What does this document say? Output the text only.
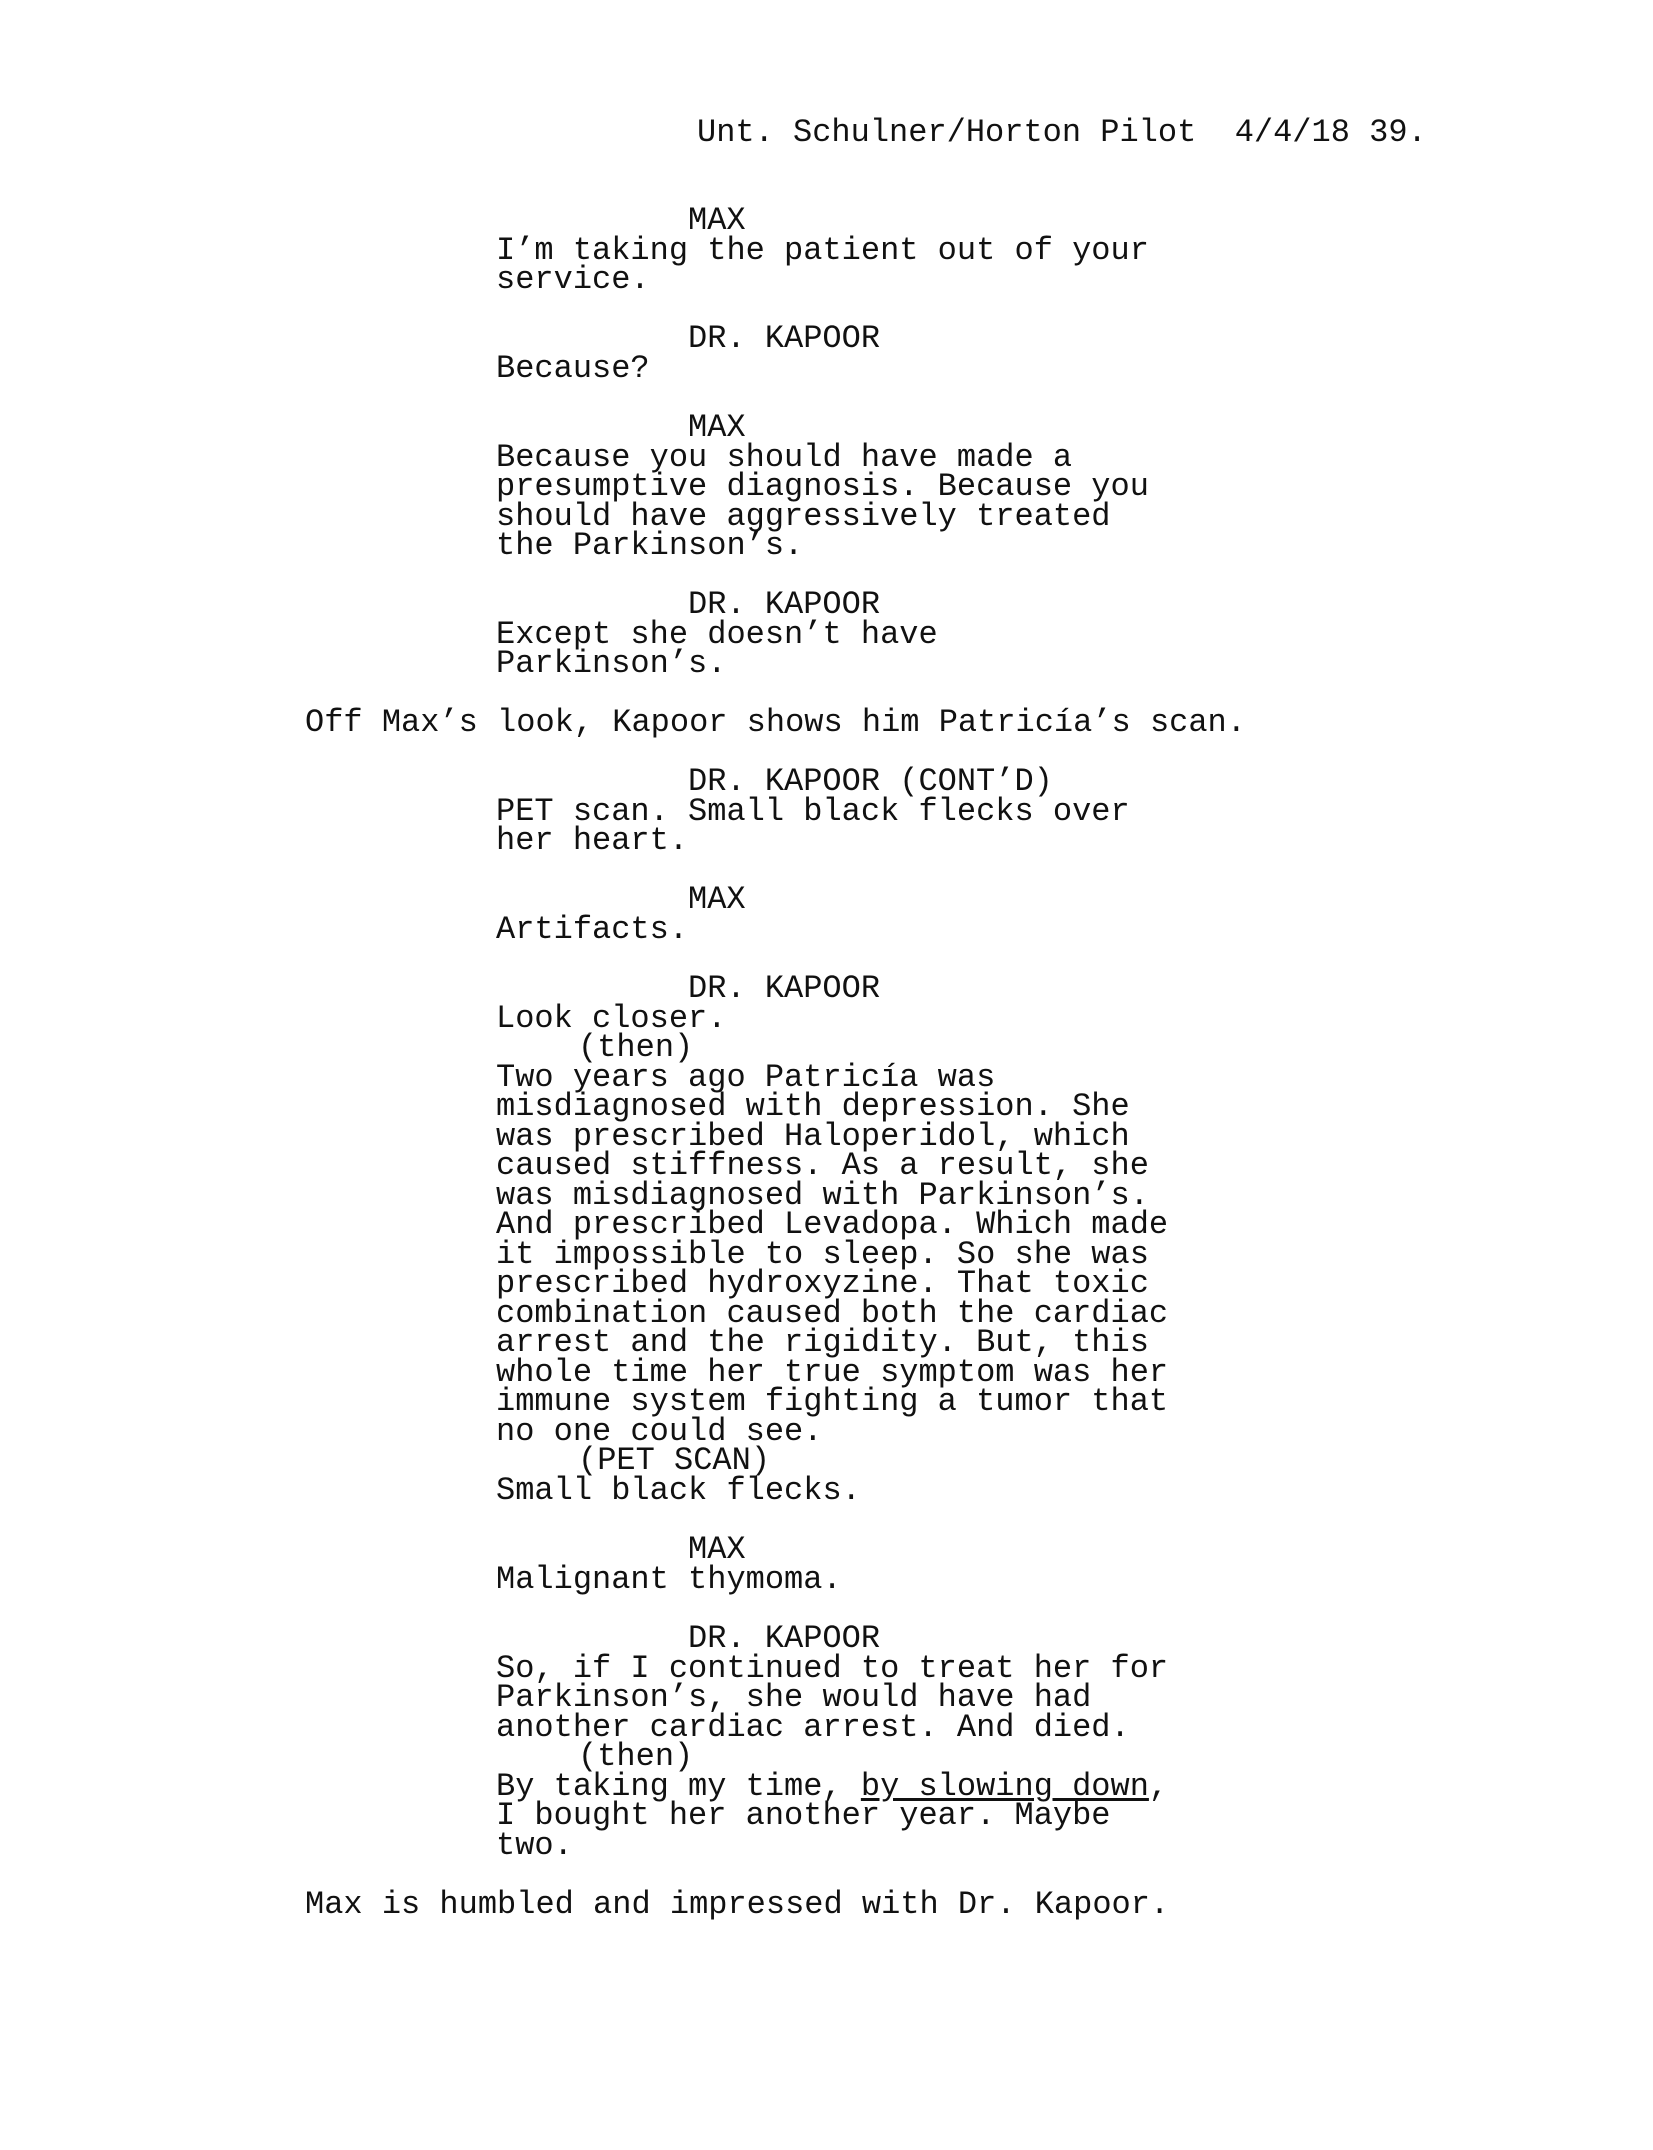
Unt. Schulner/Horton Pilot  4/4/18 39.
MAX
I’m taking the patient out of your
service.
DR. KAPOOR
Because?
MAX
Because you should have made a
presumptive diagnosis. Because you
should have aggressively treated
the Parkinson’s.
DR. KAPOOR
Except she doesn’t have
Parkinson’s.
Off Max’s look, Kapoor shows him Patricía’s scan.
DR. KAPOOR (CONT’D)
PET scan. Small black flecks over
her heart.
MAX
Artifacts.
DR. KAPOOR
Look closer.
(then)
Two years ago Patricía was
misdiagnosed with depression. She
was prescribed Haloperidol, which
caused stiffness. As a result, she
was misdiagnosed with Parkinson’s.
And prescribed Levadopa. Which made
it impossible to sleep. So she was
prescribed hydroxyzine. That toxic
combination caused both the cardiac
arrest and the rigidity. But, this
whole time her true symptom was her
immune system fighting a tumor that
no one could see.
(PET SCAN)
Small black flecks.
MAX
Malignant thymoma.
DR. KAPOOR
So, if I continued to treat her for
Parkinson’s, she would have had
another cardiac arrest. And died.
(then)
By taking my time, by slowing down,
I bought her another year. Maybe
two.
Max is humbled and impressed with Dr. Kapoor.
